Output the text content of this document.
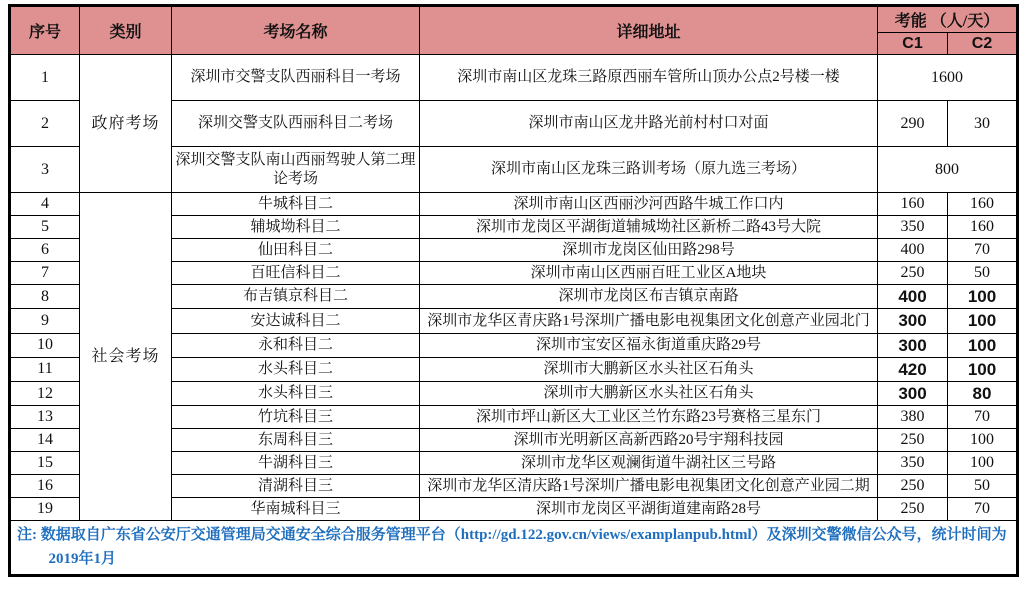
序号	类别	考场名称	详细地址	考能 （人/天）	
				C1	C2
1	政府考场	深圳市交警支队西丽科目一考场	深圳市南山区龙珠三路原西丽车管所山顶办公点2号楼一楼	1600	
2		深圳交警支队西丽科目二考场	深圳市南山区龙井路光前村村口对面	290	30
3		深圳交警支队南山西丽驾驶人第二理论考场	深圳市南山区龙珠三路训考场（原九选三考场）	800	
4	社会考场	牛城科目二	深圳市南山区西丽沙河西路牛城工作口内	160	160
5		辅城坳科目二	深圳市龙岗区平湖街道辅城坳社区新桥二路43号大院	350	160
6		仙田科目二	深圳市龙岗区仙田路298号	400	70
7		百旺信科目二	深圳市南山区西丽百旺工业区A地块	250	50
8		布吉镇京科目二	深圳市龙岗区布吉镇京南路	400	100
9		安达诚科目二	深圳市龙华区青庆路1号深圳广播电影电视集团文化创意产业园北门	300	100
10		永和科目二	深圳市宝安区福永街道重庆路29号	300	100
11		水头科目二	深圳市大鹏新区水头社区石角头	420	100
12		水头科目三	深圳市大鹏新区水头社区石角头	300	80
13		竹坑科目三	深圳市坪山新区大工业区兰竹东路23号赛格三星东门	380	70
14		东周科目三	深圳市光明新区高新西路20号宇翔科技园	250	100
15		牛湖科目三	深圳市龙华区观澜街道牛湖社区三号路	350	100
16		清湖科目三	深圳市龙华区清庆路1号深圳广播电影电视集团文化创意产业园二期	250	50
19		华南城科目三	深圳市龙岗区平湖街道建南路28号	250	70

注: 数据取自广东省公安厅交通管理局交通安全综合服务管理平台（http://gd.122.gov.cn/views/examplanpub.html）及深圳交警微信公众号，统计时间为2019年1月					
